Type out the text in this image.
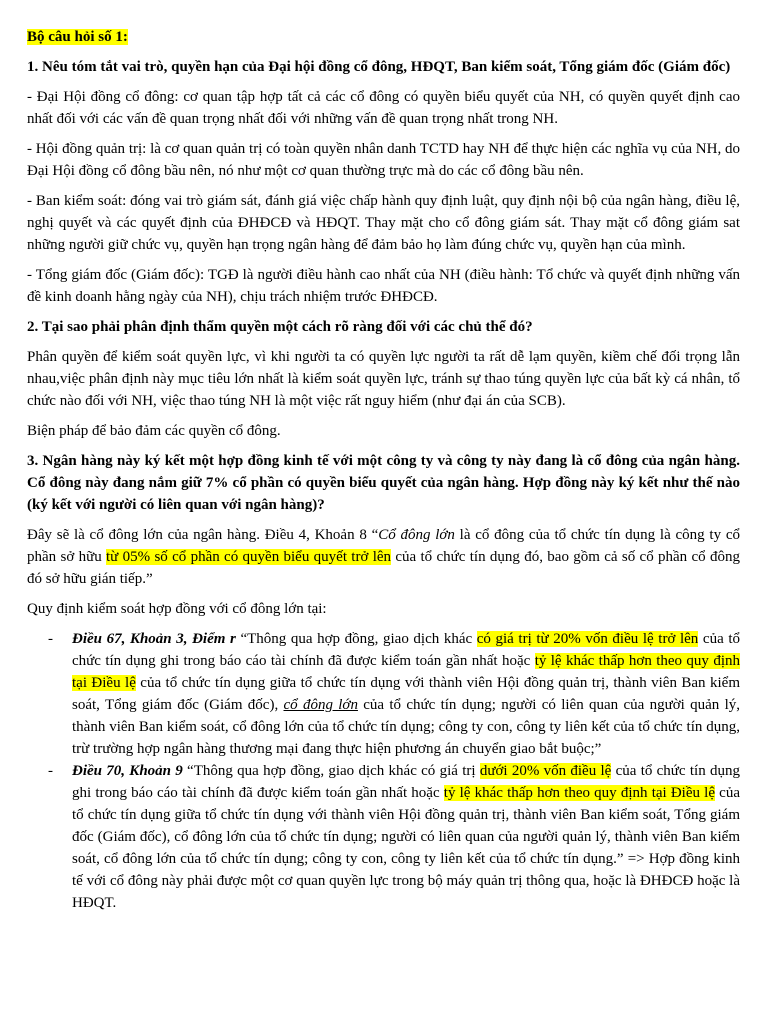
Bộ câu hỏi số 1:

1. Nêu tóm tắt vai trò, quyền hạn của Đại hội đồng cổ đông, HĐQT, Ban kiểm soát, Tổng giám đốc (Giám đốc)

- Đại Hội đồng cổ đông: cơ quan tập hợp tất cả các cổ đông có quyền biểu quyết của NH, có quyền quyết định cao nhất đối với các vấn đề quan trọng nhất đối với những vấn đề quan trọng nhất trong NH.

- Hội đồng quản trị: là cơ quan quản trị có toàn quyền nhân danh TCTD hay NH để thực hiện các nghĩa vụ của NH, do Đại Hội đồng cổ đông bầu nên, nó như một cơ quan thường trực mà do các cổ đông bầu nên.

- Ban kiểm soát: đóng vai trò giám sát, đánh giá việc chấp hành quy định luật, quy định nội bộ của ngân hàng, điều lệ, nghị quyết và các quyết định của ĐHĐCĐ và HĐQT. Thay mặt cho cổ đông giám sát. Thay mặt cổ đông giám sat những người giữ chức vụ, quyền hạn trọng ngân hàng để đảm bảo họ làm đúng chức vụ, quyền hạn của mình.

- Tổng giám đốc (Giám đốc): TGĐ là người điều hành cao nhất của NH (điều hành: Tổ chức và quyết định những vấn đề kinh doanh hằng ngày của NH), chịu trách nhiệm trước ĐHĐCĐ.

2. Tại sao phải phân định thẩm quyền một cách rõ ràng đối với các chủ thể đó?

Phân quyền để kiểm soát quyền lực, vì khi người ta có quyền lực người ta rất dễ lạm quyền, kiềm chế đối trọng lẫn nhau,việc phân định này mục tiêu lớn nhất là kiểm soát quyền lực, tránh sự thao túng quyền lực của bất kỳ cá nhân, tổ chức nào đối với NH, việc thao túng NH là một việc rất nguy hiểm (như đại án của SCB).

Biện pháp để bảo đảm các quyền cổ đông.

3. Ngân hàng này ký kết một hợp đồng kinh tế với một công ty và công ty này đang là cổ đông của ngân hàng. Cổ đông này đang nắm giữ 7% cổ phần có quyền biểu quyết của ngân hàng. Hợp đồng này ký kết như thế nào (ký kết với người có liên quan với ngân hàng)?

Đây sẽ là cổ đông lớn của ngân hàng. Điều 4, Khoản 8 “Cổ đông lớn là cổ đông của tổ chức tín dụng là công ty cổ phần sở hữu từ 05% số cổ phần có quyền biểu quyết trở lên của tổ chức tín dụng đó, bao gồm cả số cổ phần cổ đông đó sở hữu gián tiếp.”

Quy định kiểm soát hợp đồng với cổ đông lớn tại:

- Điều 67, Khoản 3, Điểm r “Thông qua hợp đồng, giao dịch khác có giá trị từ 20% vốn điều lệ trở lên của tổ chức tín dụng ghi trong báo cáo tài chính đã được kiểm toán gần nhất hoặc tỷ lệ khác thấp hơn theo quy định tại Điều lệ của tổ chức tín dụng giữa tổ chức tín dụng với thành viên Hội đồng quản trị, thành viên Ban kiểm soát, Tổng giám đốc (Giám đốc), cổ đông lớn của tổ chức tín dụng; người có liên quan của người quản lý, thành viên Ban kiểm soát, cổ đông lớn của tổ chức tín dụng; công ty con, công ty liên kết của tổ chức tín dụng, trừ trường hợp ngân hàng thương mại đang thực hiện phương án chuyển giao bắt buộc;”
- Điều 70, Khoản 9 “Thông qua hợp đồng, giao dịch khác có giá trị dưới 20% vốn điều lệ của tổ chức tín dụng ghi trong báo cáo tài chính đã được kiểm toán gần nhất hoặc tỷ lệ khác thấp hơn theo quy định tại Điều lệ của tổ chức tín dụng giữa tổ chức tín dụng với thành viên Hội đồng quản trị, thành viên Ban kiểm soát, Tổng giám đốc (Giám đốc), cổ đông lớn của tổ chức tín dụng; người có liên quan của người quản lý, thành viên Ban kiểm soát, cổ đông lớn của tổ chức tín dụng; công ty con, công ty liên kết của tổ chức tín dụng.” => Hợp đồng kinh tế với cổ đông này phải được một cơ quan quyền lực trong bộ máy quản trị thông qua, hoặc là ĐHĐCĐ hoặc là HĐQT.
